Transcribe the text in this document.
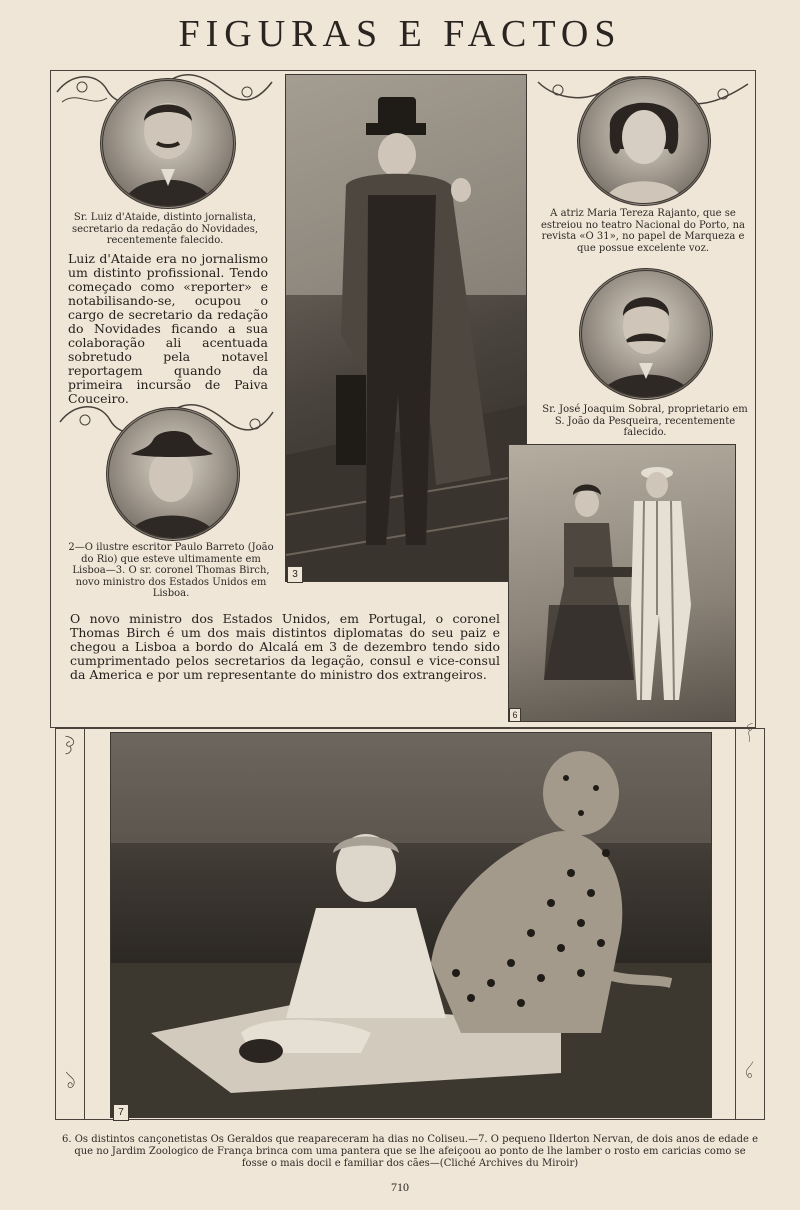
FIGURAS E FACTOS
Sr. Luiz d'Ataide, distinto jornalista, secretario da redação do Novidades, recentemente falecido.
Luiz d'Ataide era no jornalismo um distinto profissional. Tendo começado como «reporter» e notabilisando-se, ocupou o cargo de secretario da redação do Novidades ficando a sua colaboração ali acentuada sobretudo pela notavel reportagem quando da primeira incursão de Paiva Couceiro.
2—O ilustre escritor Paulo Barreto (João do Rio) que esteve ultimamente em Lisboa—3. O sr. coronel Thomas Birch, novo ministro dos Estados Unidos em Lisboa.
3
A atriz Maria Tereza Rajanto, que se estreiou no teatro Nacional do Porto, na revista «O 31», no papel de Marqueza e que possue excelente voz.
Sr. José Joaquim Sobral, proprietario em S. João da Pesqueira, recentemente falecido.
O novo ministro dos Estados Unidos, em Portugal, o coronel Thomas Birch é um dos mais distintos diplomatas do seu paiz e chegou a Lisboa a bordo do Alcalá em 3 de dezembro tendo sido cumprimentado pelos secretarios da legação, consul e vice-consul da America e por um representante do ministro dos extrangeiros.
6
7
6. Os distintos cançonetistas Os Geraldos que reapareceram ha dias no Coliseu.—7. O pequeno Ilderton Nervan, de dois anos de edade e que no Jardim Zoologico de França brinca com uma pantera que se lhe afeiçoou ao ponto de lhe lamber o rosto em caricias como se fosse o mais docil e familiar dos cães—(Cliché Archives du Miroir)
710
